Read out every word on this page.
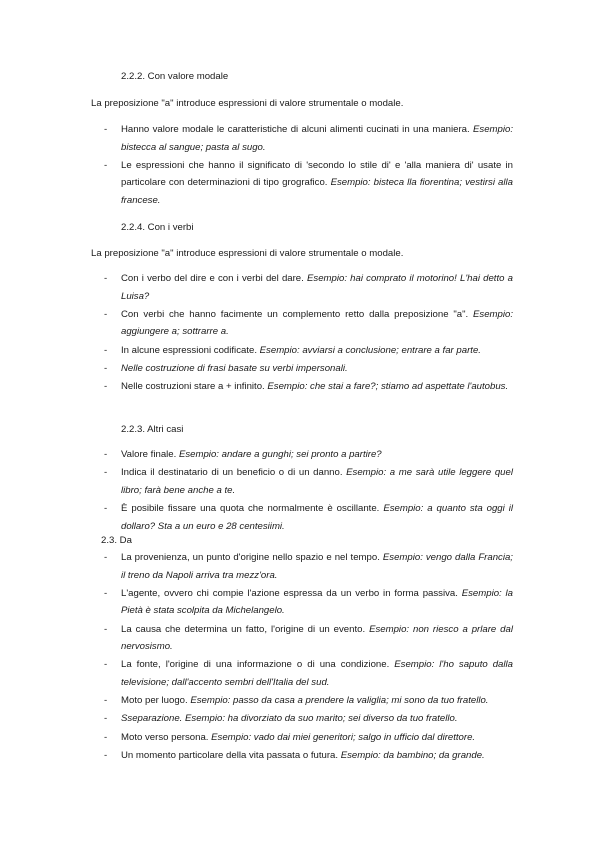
2.2.2. Con valore modale
La preposizione "a" introduce espressioni di valore strumentale o modale.
- Hanno valore modale le caratteristiche di alcuni alimenti cucinati in una maniera. Esempio: bistecca al sangue; pasta al sugo.
- Le espressioni che hanno il significato di 'secondo lo stile di' e 'alla maniera di' usate in particolare con determinazioni di tipo grografico. Esempio: bisteca lla fiorentina; vestirsi alla francese.
2.2.4. Con i verbi
La preposizione "a" introduce espressioni di valore strumentale o modale.
- Con i verbo del dire e con i verbi del dare. Esempio: hai comprato il motorino! L'hai detto a Luisa?
- Con verbi che hanno facimente un complemento retto dalla preposizione "a". Esempio: aggiungere a; sottrarre a.
- In alcune espressioni codificate. Esempio: avviarsi a conclusione; entrare a far parte.
- Nelle costruzione di frasi basate su verbi impersonali.
- Nelle costruzioni stare a + infinito. Esempio: che stai a fare?; stiamo ad aspettate l'autobus.
2.2.3. Altri casi
- Valore finale. Esempio: andare a gunghi; sei pronto a partire?
- Indica il destinatario di un beneficio o di un danno. Esempio: a me sarà utile leggere quel libro; farà bene anche a te.
- È posibile fissare una quota che normalmente è oscillante. Esempio: a quanto sta oggi il dollaro? Sta a un euro e 28 centesiimi.
2.3. Da
- La provenienza, un punto d'origine nello spazio e nel tempo. Esempio: vengo dalla Francia; il treno da Napoli arriva tra mezz'ora.
- L'agente, ovvero chi compie l'azione espressa da un verbo in forma passiva. Esempio: la Pietà è stata scolpita da Michelangelo.
- La causa che determina un fatto, l'origine di un evento. Esempio: non riesco a prlare dal nervosismo.
- La fonte, l'origine di una informazione o di una condizione. Esempio: l'ho saputo dalla televisione; dall'accento sembri dell'Italia del sud.
- Moto per luogo. Esempio: passo da casa a prendere la valiglia; mi sono da tuo fratello.
- Sseparazione. Esempio: ha divorziato da suo marito; sei diverso da tuo fratello.
- Moto verso persona. Esempio: vado dai miei generitori; salgo in ufficio dal direttore.
- Un momento particolare della vita passata o futura. Esempio: da bambino; da grande.
